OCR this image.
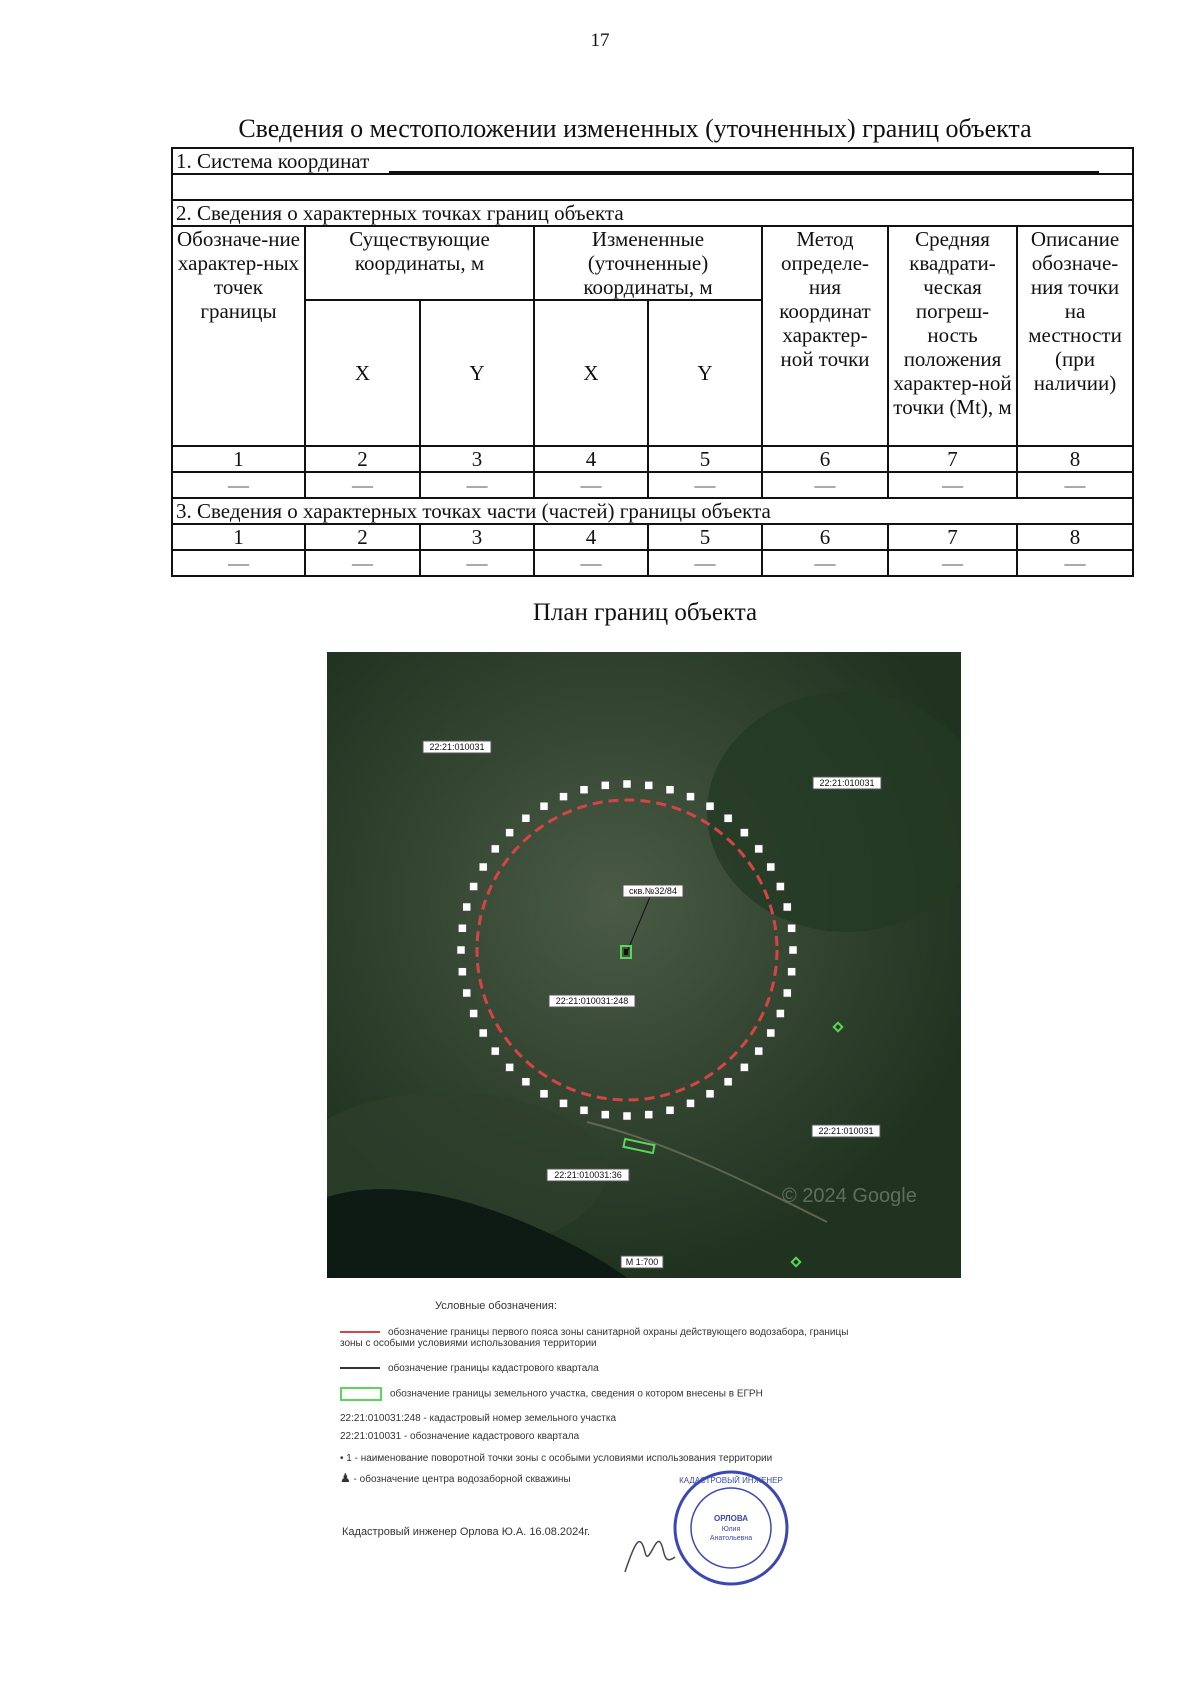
17
Сведения о местоположении измененных (уточненных) границ объекта
1. Система координат							

2. Сведения о характерных точках границ объекта							
Обозначе-ние характер-ных точек границы	Существующие координаты, м		Измененные (уточненные) координаты, м		Метод определе-ния координат характер-ной точки	Средняя квадрати-ческая погреш-ность положения характер-ной точки (Mt), м	Описание обозначе-ния точки на местности (при наличии)
	X	Y	X	Y			
1	2	3	4	5	6	7	8
—	—	—	—	—	—	—	—
3. Сведения о характерных точках части (частей) границы объекта							
1	2	3	4	5	6	7	8
—	—	—	—	—	—	—	—
План границ объекта
© 2024 Google
22:21:010031
22:21:010031
22:21:010031
скв.№32/84
22:21:010031:248
22:21:010031:36
М 1:700
Условные обозначения:
обозначение границы первого пояса зоны санитарной охраны действующего водозабора, границы зоны с особыми условиями использования территории
обозначение границы кадастрового квартала
обозначение границы земельного участка, сведения о котором внесены в ЕГРН
22:21:010031:248 - кадастровый номер земельного участка
22:21:010031 - обозначение кадастрового квартала
• 1 - наименование поворотной точки зоны с особыми условиями использования территории
♟ - обозначение центра водозаборной скважины
Кадастровый инженер Орлова Ю.А. 16.08.2024г.
КАДАСТРОВЫЙ ИНЖЕНЕР
ОРЛОВА
Юлия
Анатольевна
